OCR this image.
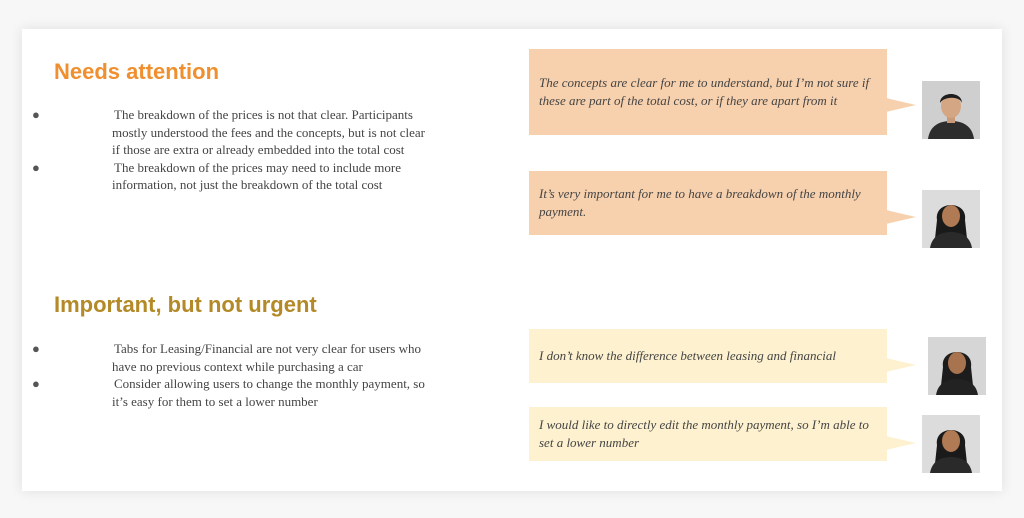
Needs attention
●	The breakdown of the prices is not that clear. Participants mostly understood the fees and the concepts, but is not clear if those are extra or already embedded into the total cost
●	The breakdown of the prices may need to include more information, not just the breakdown of the total cost
Important, but not urgent
●	Tabs for Leasing/Financial are not very clear for users who have no previous context while purchasing a car
●	Consider allowing users to change the monthly payment, so it’s easy for them to set a lower number
The concepts are clear for me to understand, but I’m not sure if these are part of the total cost, or if they are apart from it
It’s very important for me to have a breakdown of the monthly payment.
I don’t know the difference between leasing and financial
I would like to directly edit the monthly payment, so I’m able to set a lower number
